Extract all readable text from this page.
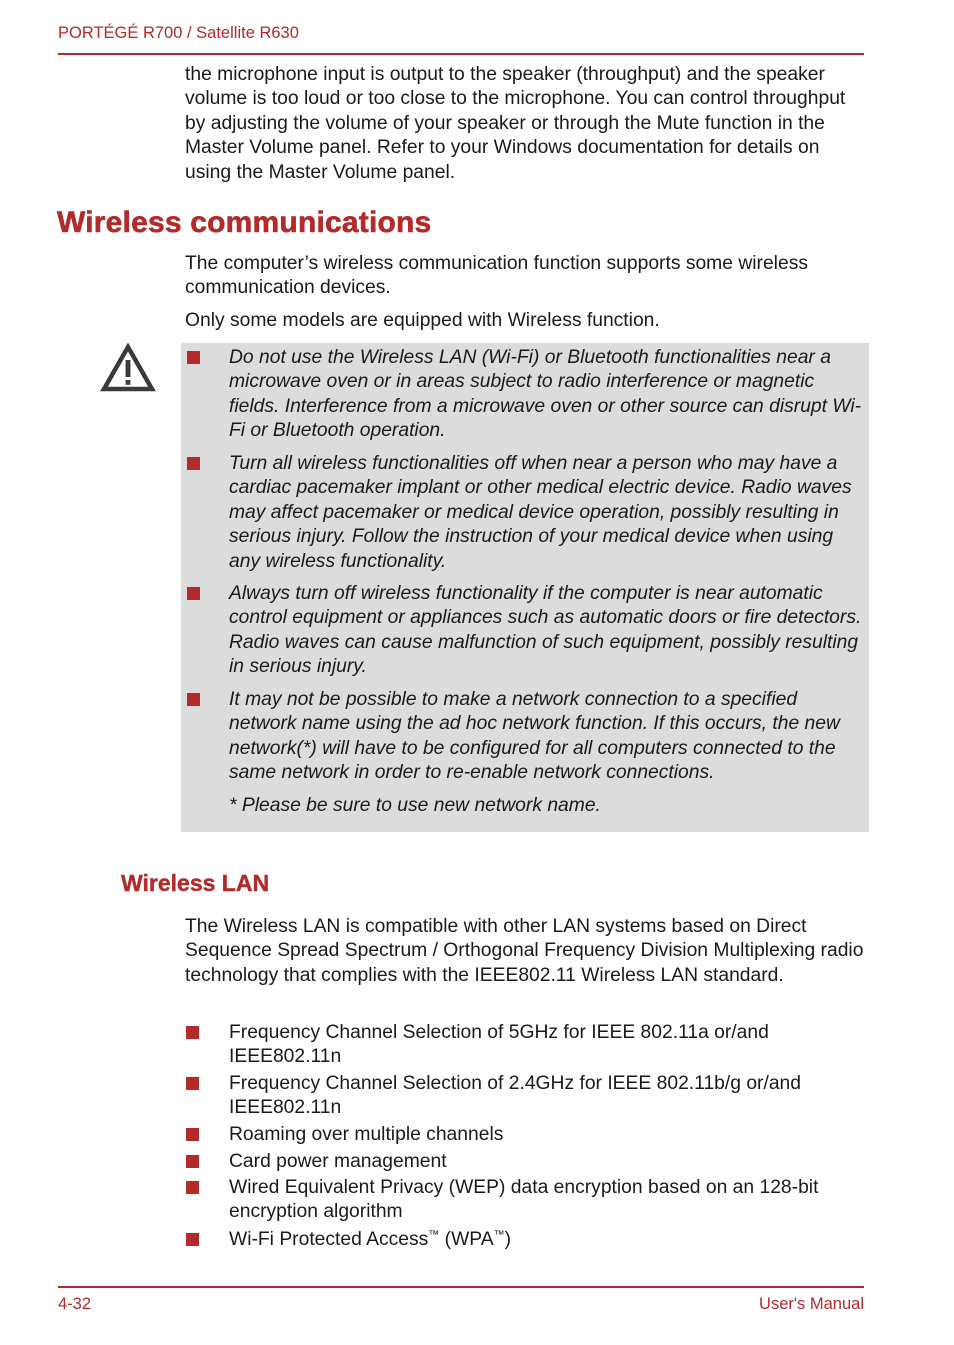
PORTÉGÉ R700 / Satellite R630

the microphone input is output to the speaker (throughput) and the speaker volume is too loud or too close to the microphone. You can control throughput by adjusting the volume of your speaker or through the Mute function in the Master Volume panel. Refer to your Windows documentation for details on using the Master Volume panel.

Wireless communications

The computer’s wireless communication function supports some wireless communication devices.

Only some models are equipped with Wireless function.

Do not use the Wireless LAN (Wi-Fi) or Bluetooth functionalities near a microwave oven or in areas subject to radio interference or magnetic fields. Interference from a microwave oven or other source can disrupt Wi-Fi or Bluetooth operation.
Turn all wireless functionalities off when near a person who may have a cardiac pacemaker implant or other medical electric device. Radio waves may affect pacemaker or medical device operation, possibly resulting in serious injury. Follow the instruction of your medical device when using any wireless functionality.
Always turn off wireless functionality if the computer is near automatic control equipment or appliances such as automatic doors or fire detectors. Radio waves can cause malfunction of such equipment, possibly resulting in serious injury.
It may not be possible to make a network connection to a specified network name using the ad hoc network function. If this occurs, the new network(*) will have to be configured for all computers connected to the same network in order to re-enable network connections.
* Please be sure to use new network name.
Wireless LAN

The Wireless LAN is compatible with other LAN systems based on Direct Sequence Spread Spectrum / Orthogonal Frequency Division Multiplexing radio technology that complies with the IEEE802.11 Wireless LAN standard.

Frequency Channel Selection of 5GHz for IEEE 802.11a or/and IEEE802.11n
Frequency Channel Selection of 2.4GHz for IEEE 802.11b/g or/and IEEE802.11n
Roaming over multiple channels
Card power management
Wired Equivalent Privacy (WEP) data encryption based on an 128-bit encryption algorithm
Wi-Fi Protected Access™ (WPA™)
4-32	User's Manual
